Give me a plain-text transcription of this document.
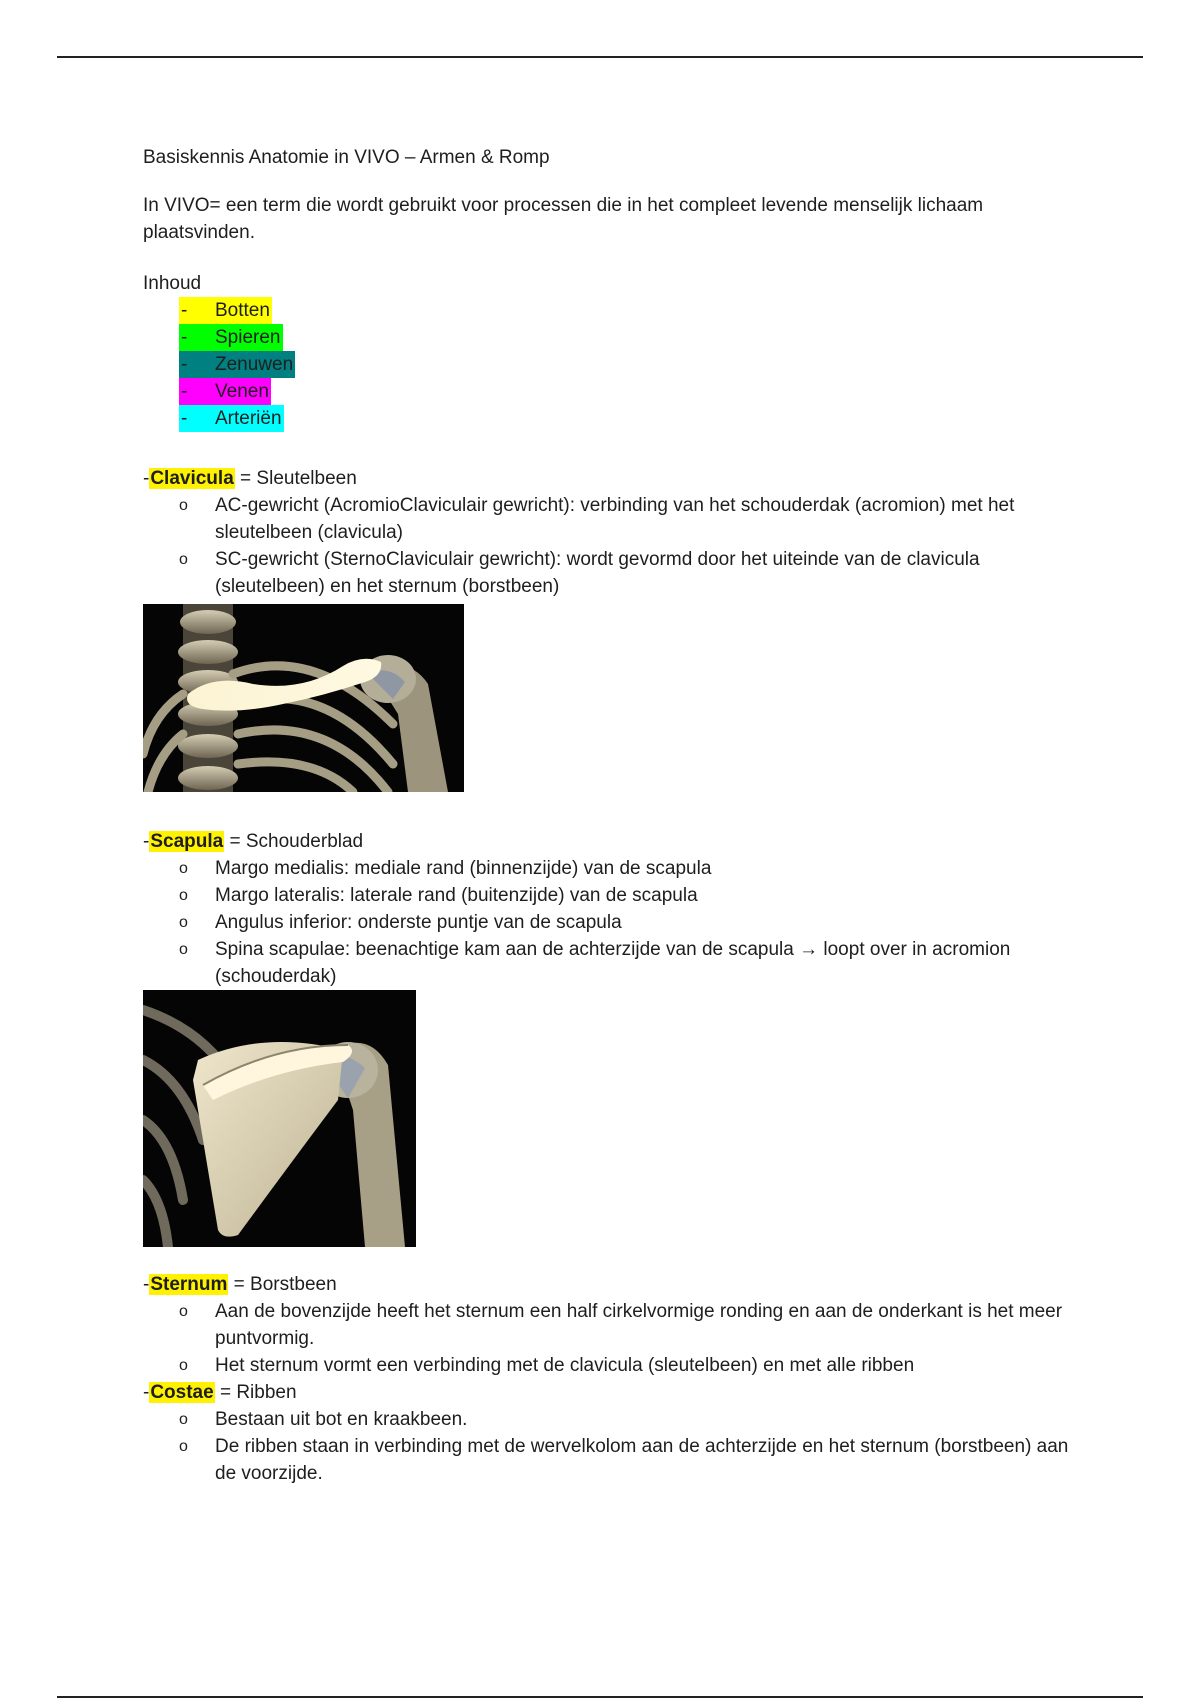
Basiskennis Anatomie in VIVO – Armen & Romp

In VIVO= een term die wordt gebruikt voor processen die in het compleet levende menselijk lichaam plaatsvinden.

Inhoud

-	Botten
-	Spieren
-	Zenuwen
-	Venen
-	Arteriën

-Clavicula = Sleutelbeen

o AC-gewricht (AcromioClaviculair gewricht): verbinding van het schouderdak (acromion) met het sleutelbeen (clavicula)
o SC-gewricht (SternoClaviculair gewricht): wordt gevormd door het uiteinde van de clavicula (sleutelbeen) en het sternum (borstbeen)

-Scapula = Schouderblad

o Margo medialis: mediale rand (binnenzijde) van de scapula
o Margo lateralis: laterale rand (buitenzijde) van de scapula
o Angulus inferior: onderste puntje van de scapula
o Spina scapulae: beenachtige kam aan de achterzijde van de scapula → loopt over in acromion (schouderdak)

-Sternum = Borstbeen

o Aan de bovenzijde heeft het sternum een half cirkelvormige ronding en aan de onderkant is het meer puntvormig.
o Het sternum vormt een verbinding met de clavicula (sleutelbeen) en met alle ribben

-Costae = Ribben

o Bestaan uit bot en kraakbeen.
o De ribben staan in verbinding met de wervelkolom aan de achterzijde en het sternum (borstbeen) aan de voorzijde.
